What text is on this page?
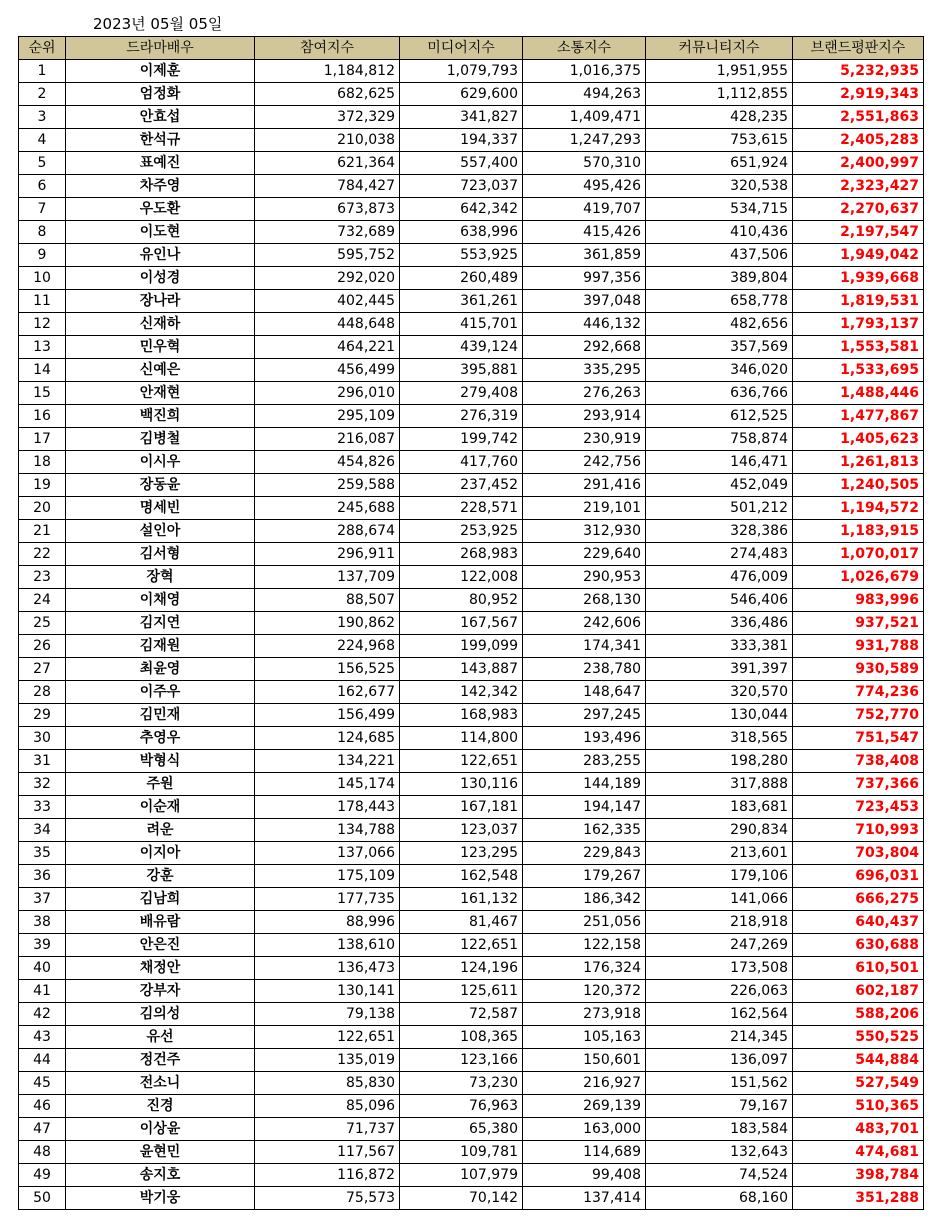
2023년 05월 05일
순위	드라마배우	참여지수	미디어지수	소통지수	커뮤니티지수	브랜드평판지수
1	이제훈	1,184,812	1,079,793	1,016,375	1,951,955	5,232,935
2	엄정화	682,625	629,600	494,263	1,112,855	2,919,343
3	안효섭	372,329	341,827	1,409,471	428,235	2,551,863
4	한석규	210,038	194,337	1,247,293	753,615	2,405,283
5	표예진	621,364	557,400	570,310	651,924	2,400,997
6	차주영	784,427	723,037	495,426	320,538	2,323,427
7	우도환	673,873	642,342	419,707	534,715	2,270,637
8	이도현	732,689	638,996	415,426	410,436	2,197,547
9	유인나	595,752	553,925	361,859	437,506	1,949,042
10	이성경	292,020	260,489	997,356	389,804	1,939,668
11	장나라	402,445	361,261	397,048	658,778	1,819,531
12	신재하	448,648	415,701	446,132	482,656	1,793,137
13	민우혁	464,221	439,124	292,668	357,569	1,553,581
14	신예은	456,499	395,881	335,295	346,020	1,533,695
15	안재현	296,010	279,408	276,263	636,766	1,488,446
16	백진희	295,109	276,319	293,914	612,525	1,477,867
17	김병철	216,087	199,742	230,919	758,874	1,405,623
18	이시우	454,826	417,760	242,756	146,471	1,261,813
19	장동윤	259,588	237,452	291,416	452,049	1,240,505
20	명세빈	245,688	228,571	219,101	501,212	1,194,572
21	설인아	288,674	253,925	312,930	328,386	1,183,915
22	김서형	296,911	268,983	229,640	274,483	1,070,017
23	장혁	137,709	122,008	290,953	476,009	1,026,679
24	이채영	88,507	80,952	268,130	546,406	983,996
25	김지연	190,862	167,567	242,606	336,486	937,521
26	김재원	224,968	199,099	174,341	333,381	931,788
27	최윤영	156,525	143,887	238,780	391,397	930,589
28	이주우	162,677	142,342	148,647	320,570	774,236
29	김민재	156,499	168,983	297,245	130,044	752,770
30	추영우	124,685	114,800	193,496	318,565	751,547
31	박형식	134,221	122,651	283,255	198,280	738,408
32	주원	145,174	130,116	144,189	317,888	737,366
33	이순재	178,443	167,181	194,147	183,681	723,453
34	려운	134,788	123,037	162,335	290,834	710,993
35	이지아	137,066	123,295	229,843	213,601	703,804
36	강훈	175,109	162,548	179,267	179,106	696,031
37	김남희	177,735	161,132	186,342	141,066	666,275
38	배유람	88,996	81,467	251,056	218,918	640,437
39	안은진	138,610	122,651	122,158	247,269	630,688
40	채정안	136,473	124,196	176,324	173,508	610,501
41	강부자	130,141	125,611	120,372	226,063	602,187
42	김의성	79,138	72,587	273,918	162,564	588,206
43	유선	122,651	108,365	105,163	214,345	550,525
44	정건주	135,019	123,166	150,601	136,097	544,884
45	전소니	85,830	73,230	216,927	151,562	527,549
46	진경	85,096	76,963	269,139	79,167	510,365
47	이상윤	71,737	65,380	163,000	183,584	483,701
48	윤현민	117,567	109,781	114,689	132,643	474,681
49	송지호	116,872	107,979	99,408	74,524	398,784
50	박기웅	75,573	70,142	137,414	68,160	351,288
